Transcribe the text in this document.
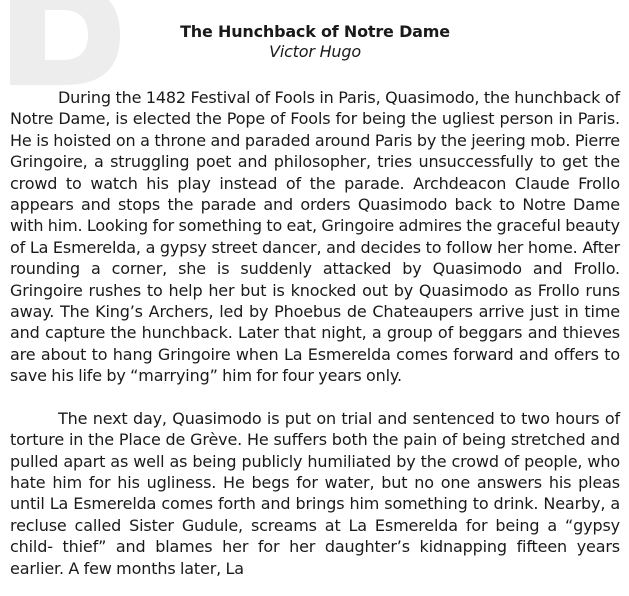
The Hunchback of Notre Dame
Victor Hugo

During the 1482 Festival of Fools in Paris, Quasimodo, the hunchback of Notre Dame, is elected the Pope of Fools for being the ugliest person in Paris. He is hoisted on a throne and paraded around Paris by the jeering mob. Pierre Gringoire, a struggling poet and philosopher, tries unsuccessfully to get the crowd to watch his play instead of the parade. Archdeacon Claude Frollo appears and stops the parade and orders Quasimodo back to Notre Dame with him. Looking for something to eat, Gringoire admires the graceful beauty of La Esmerelda, a gypsy street dancer, and decides to follow her home. After rounding a corner, she is suddenly attacked by Quasimodo and Frollo. Gringoire rushes to help her but is knocked out by Quasimodo as Frollo runs away. The King’s Archers, led by Phoebus de Chateaupers arrive just in time and capture the hunchback. Later that night, a group of beggars and thieves are about to hang Gringoire when La Esmerelda comes forward and offers to save his life by “marrying” him for four years only.

The next day, Quasimodo is put on trial and sentenced to two hours of torture in the Place de Grève. He suffers both the pain of being stretched and pulled apart as well as being publicly humiliated by the crowd of people, who hate him for his ugliness. He begs for water, but no one answers his pleas until La Esmerelda comes forth and brings him something to drink. Nearby, a recluse called Sister Gudule, screams at La Esmerelda for being a “gypsy child- thief” and blames her for her daughter’s kidnapping fifteen years earlier. A few months later, La
